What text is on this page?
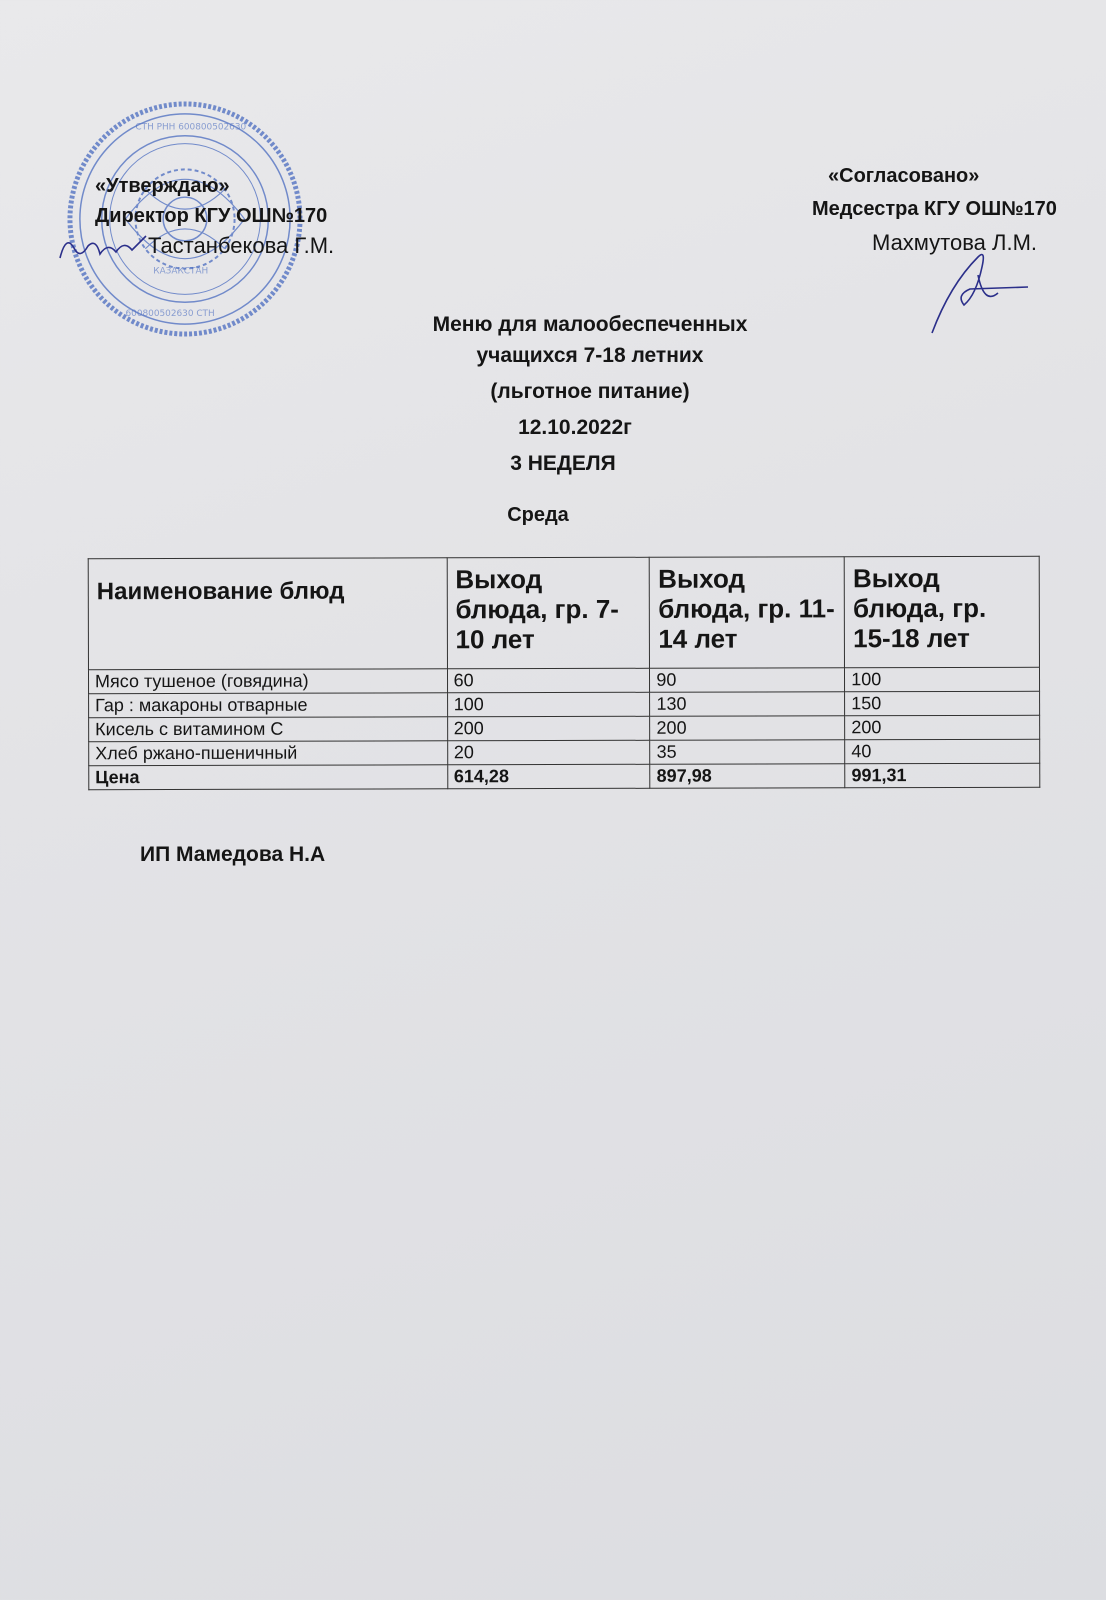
СТН РНН 600800502630
КАЗАКСТАН
600800502630 СТН
«Утверждаю»
Директор КГУ ОШ№170
Тастанбекова Г.М.
«Согласовано»
Медсестра КГУ ОШ№170
Махмутова Л.М.
Меню для малообеспеченных
учащихся 7-18 летних
(льготное питание)
12.10.2022г
3 НЕДЕЛЯ
Среда
Наименование блюд	Выход блюда, гр. 7-10 лет	Выход блюда, гр. 11-14 лет	Выход блюда, гр. 15-18 лет
Мясо тушеное (говядина)	60	90	100
Гар : макароны отварные	100	130	150
Кисель с витамином С	200	200	200
Хлеб ржано-пшеничный	20	35	40
Цена	614,28	897,98	991,31
ИП Мамедова Н.А
